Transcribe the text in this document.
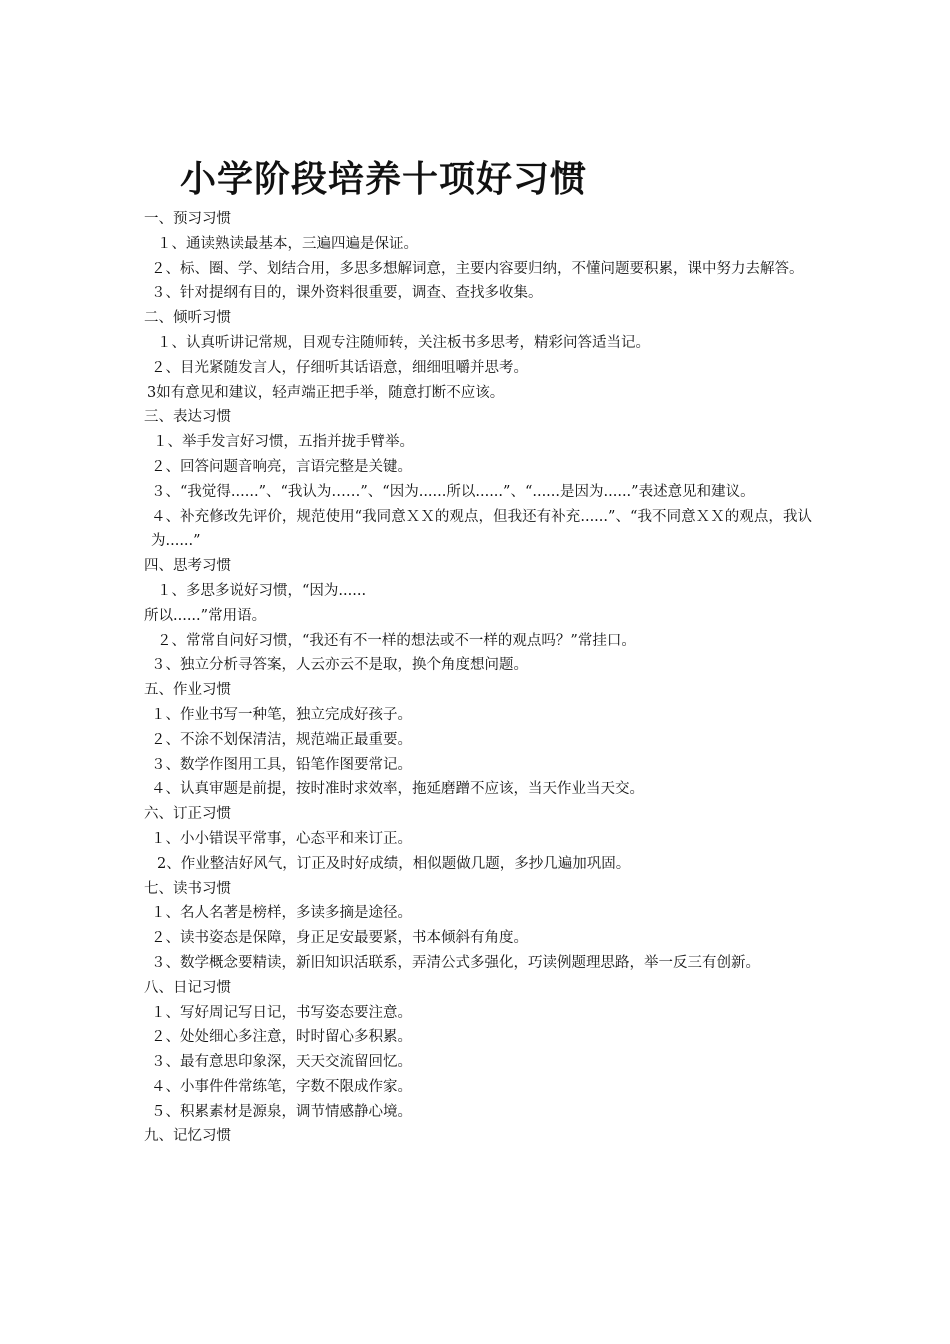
小学阶段培养十项好习惯

一、预习习惯

１、通读熟读最基本，三遍四遍是保证。

２、标、圈、学、划结合用，多思多想解词意，主要内容要归纳，不懂问题要积累，课中努力去解答。

３、针对提纲有目的，课外资料很重要，调查、查找多收集。

二、倾听习惯

１、认真听讲记常规，目观专注随师转，关注板书多思考，精彩问答适当记。

２、目光紧随发言人，仔细听其话语意，细细咀嚼并思考。

3如有意见和建议，轻声端正把手举，随意打断不应该。

三、表达习惯

１、举手发言好习惯，五指并拢手臂举。

２、回答问题音响亮，言语完整是关键。

３、“我觉得......”、“我认为……”、“因为......所以......”、“......是因为......”表述意见和建议。

４、补充修改先评价，规范使用“我同意ＸＸ的观点，但我还有补充......”、“我不同意ＸＸ的观点，我认为......”

四、思考习惯

１、多思多说好习惯，“因为......

所以......”常用语。

２、常常自问好习惯，“我还有不一样的想法或不一样的观点吗？”常挂口。

３、独立分析寻答案，人云亦云不是取，换个角度想问题。

五、作业习惯

１、作业书写一种笔，独立完成好孩子。

２、不涂不划保清洁，规范端正最重要。

３、数学作图用工具，铅笔作图要常记。

４、认真审题是前提，按时准时求效率，拖延磨蹭不应该，当天作业当天交。

六、订正习惯

１、小小错误平常事，心态平和来订正。

2、作业整洁好风气，订正及时好成绩，相似题做几题，多抄几遍加巩固。

七、读书习惯

１、名人名著是榜样，多读多摘是途径。

２、读书姿态是保障，身正足安最要紧，书本倾斜有角度。

３、数学概念要精读，新旧知识活联系，弄清公式多强化，巧读例题理思路，举一反三有创新。

八、日记习惯

１、写好周记写日记，书写姿态要注意。

２、处处细心多注意，时时留心多积累。

３、最有意思印象深，天天交流留回忆。

４、小事件件常练笔，字数不限成作家。

５、积累素材是源泉，调节情感静心境。

九、记忆习惯
